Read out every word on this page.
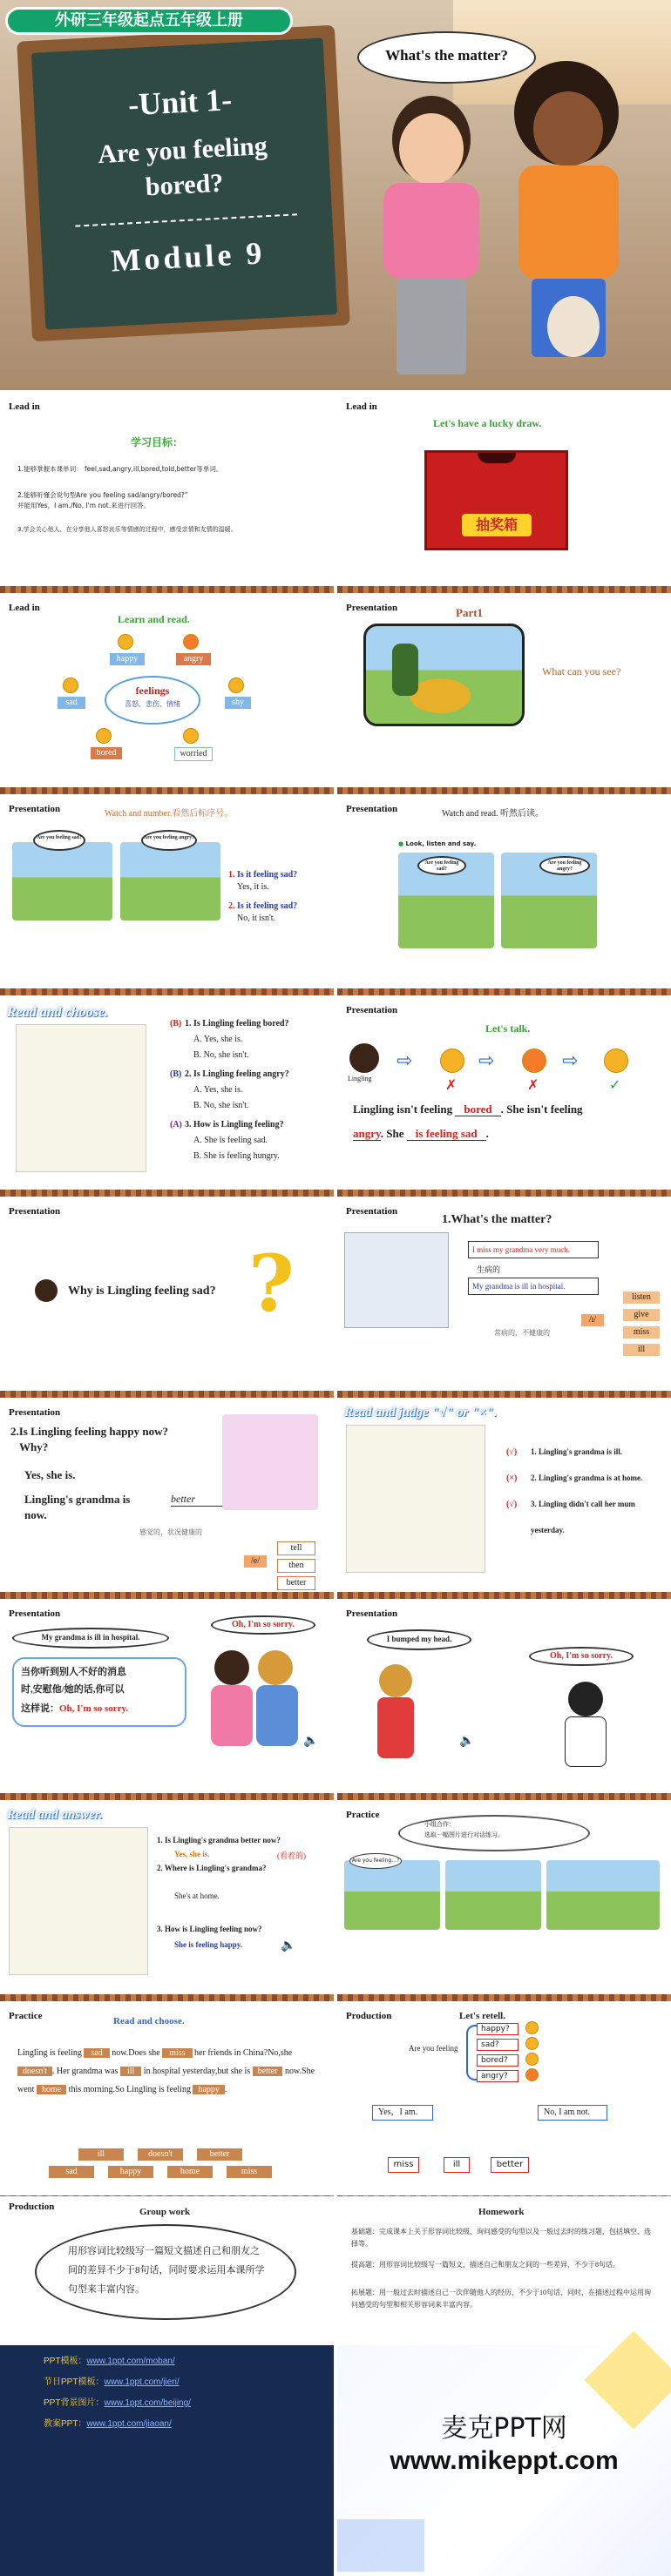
-Unit 1-
Are you feeling
bored?
Module 9
外研三年级起点五年级上册
What's the matter?
Lead in
学习目标：
1.能够掌握本课单词： feel,sad,angry,ill,bored,told,better等单词。
2.能够听懂会说句型Are you feeling sad/angry/bored?”
并能用Yes，I am./No, I'm not.来进行回答。
3.学会关心他人，在分享他人喜怒哀乐等情感的过程中，感受亲情和友情的温暖。
Lead in
Let's have a lucky draw.
抽奖箱
Lead in
Learn and read.
feelings
喜怒、悲伤、情绪
happy	angry
sad	shy
bored	worried
Presentation	Part1
What can you see?
Presentation	Watch and number.看然后标序号。
Are you feeling sad?	Are you feeling angry?
1. Is it feeling sad?
Yes, it is.
2. Is it feeling sad?
No, it isn't.
Presentation	Watch and read. 听然后读。
● Look, listen and say.
Are you feeling sad?
Are you feeling angry?
Read and choose.
(B) 1. Is Lingling feeling bored?
A. Yes, she is.
B. No, she isn't.
(B) 2. Is Lingling feeling angry?
A. Yes, she is.
B. No, she isn't.
(A) 3. How is Lingling feeling?
A. She is feeling sad.
B. She is feeling hungry.
Presentation
Let's talk.
Lingling
⇨
✗
⇨
✗
⇨
✓
Lingling isn't feeling bored . She isn't feeling
angry. She is feeling sad .
Presentation
Why is Lingling feeling sad? ?
Presentation
1.What's the matter?
I miss my grandma very much.
生病的
My grandma is ill in hospital.
常病的，不健康的
/ɪ/
listen
give
miss
ill
Presentation
2.Is Lingling feeling happy now?
Why?
Yes, she is.
Lingling's grandma is	better
now.
感觉的，状况健康的
/e/
tell
then
better
Read and judge "√" or "×".
(√) 1. Lingling's grandma is ill.
(×) 2. Lingling's grandma is at home.
(√) 3. Lingling didn't call her mum
yesterday.
Presentation
My grandma is ill in hospital.
Oh, I'm so sorry.
当你听到别人不好的消息
时,安慰他/她的话,你可以
这样说：Oh, I'm so sorry.
🔈
Presentation
I bumped my head.
Oh, I'm so sorry.
🔈
Read and answer.
1. Is Lingling's grandma better now?
Yes, she is.	(看着的)
2. Where is Lingling's grandma?
She's at home.
3. How is Lingling feeling now?
She is feeling happy.	🔈
Practice
小组合作：
选取一幅图片进行对话练习。
Are you feeling...?
Practice	Read and choose.
Lingling is feeling sad now.Does she miss her friends in China?No,she doesn't . Her grandma was ill in hospital yesterday,but she is better now.She went home this morning.So Lingling is feeling happy .
ill	doesn't	better
sad	happy	home	miss
Production	Let's retell.
Are you feeling
happy?
sad?
bored?
angry?
Yes，I am.	No, I am not.
miss	ill	better
Production	Group work
用形容词比较级写一篇短文描述自己和朋友之间的差异不少于8句话，同时要求运用本课所学句型来丰富内容。
Homework
基础题：完成课本上关于形容词比较级、询问感受的句型以及一般过去时的练习题，包括填空、选择等。
提高题：用形容词比较级写一篇短文，描述自己和朋友之间的一些差异，不少于8句话。
拓展题：用一般过去时描述自己一次伴随他人的经历，不少于10句话，同时，在描述过程中运用询问感受的句型和相关形容词来丰富内容。
PPT模板：www.1ppt.com/moban/
节日PPT模板：www.1ppt.com/jieri/
PPT背景图片：www.1ppt.com/beijing/
教案PPT：www.1ppt.com/jiaoan/	麦克PPT网
www.mikeppt.com
